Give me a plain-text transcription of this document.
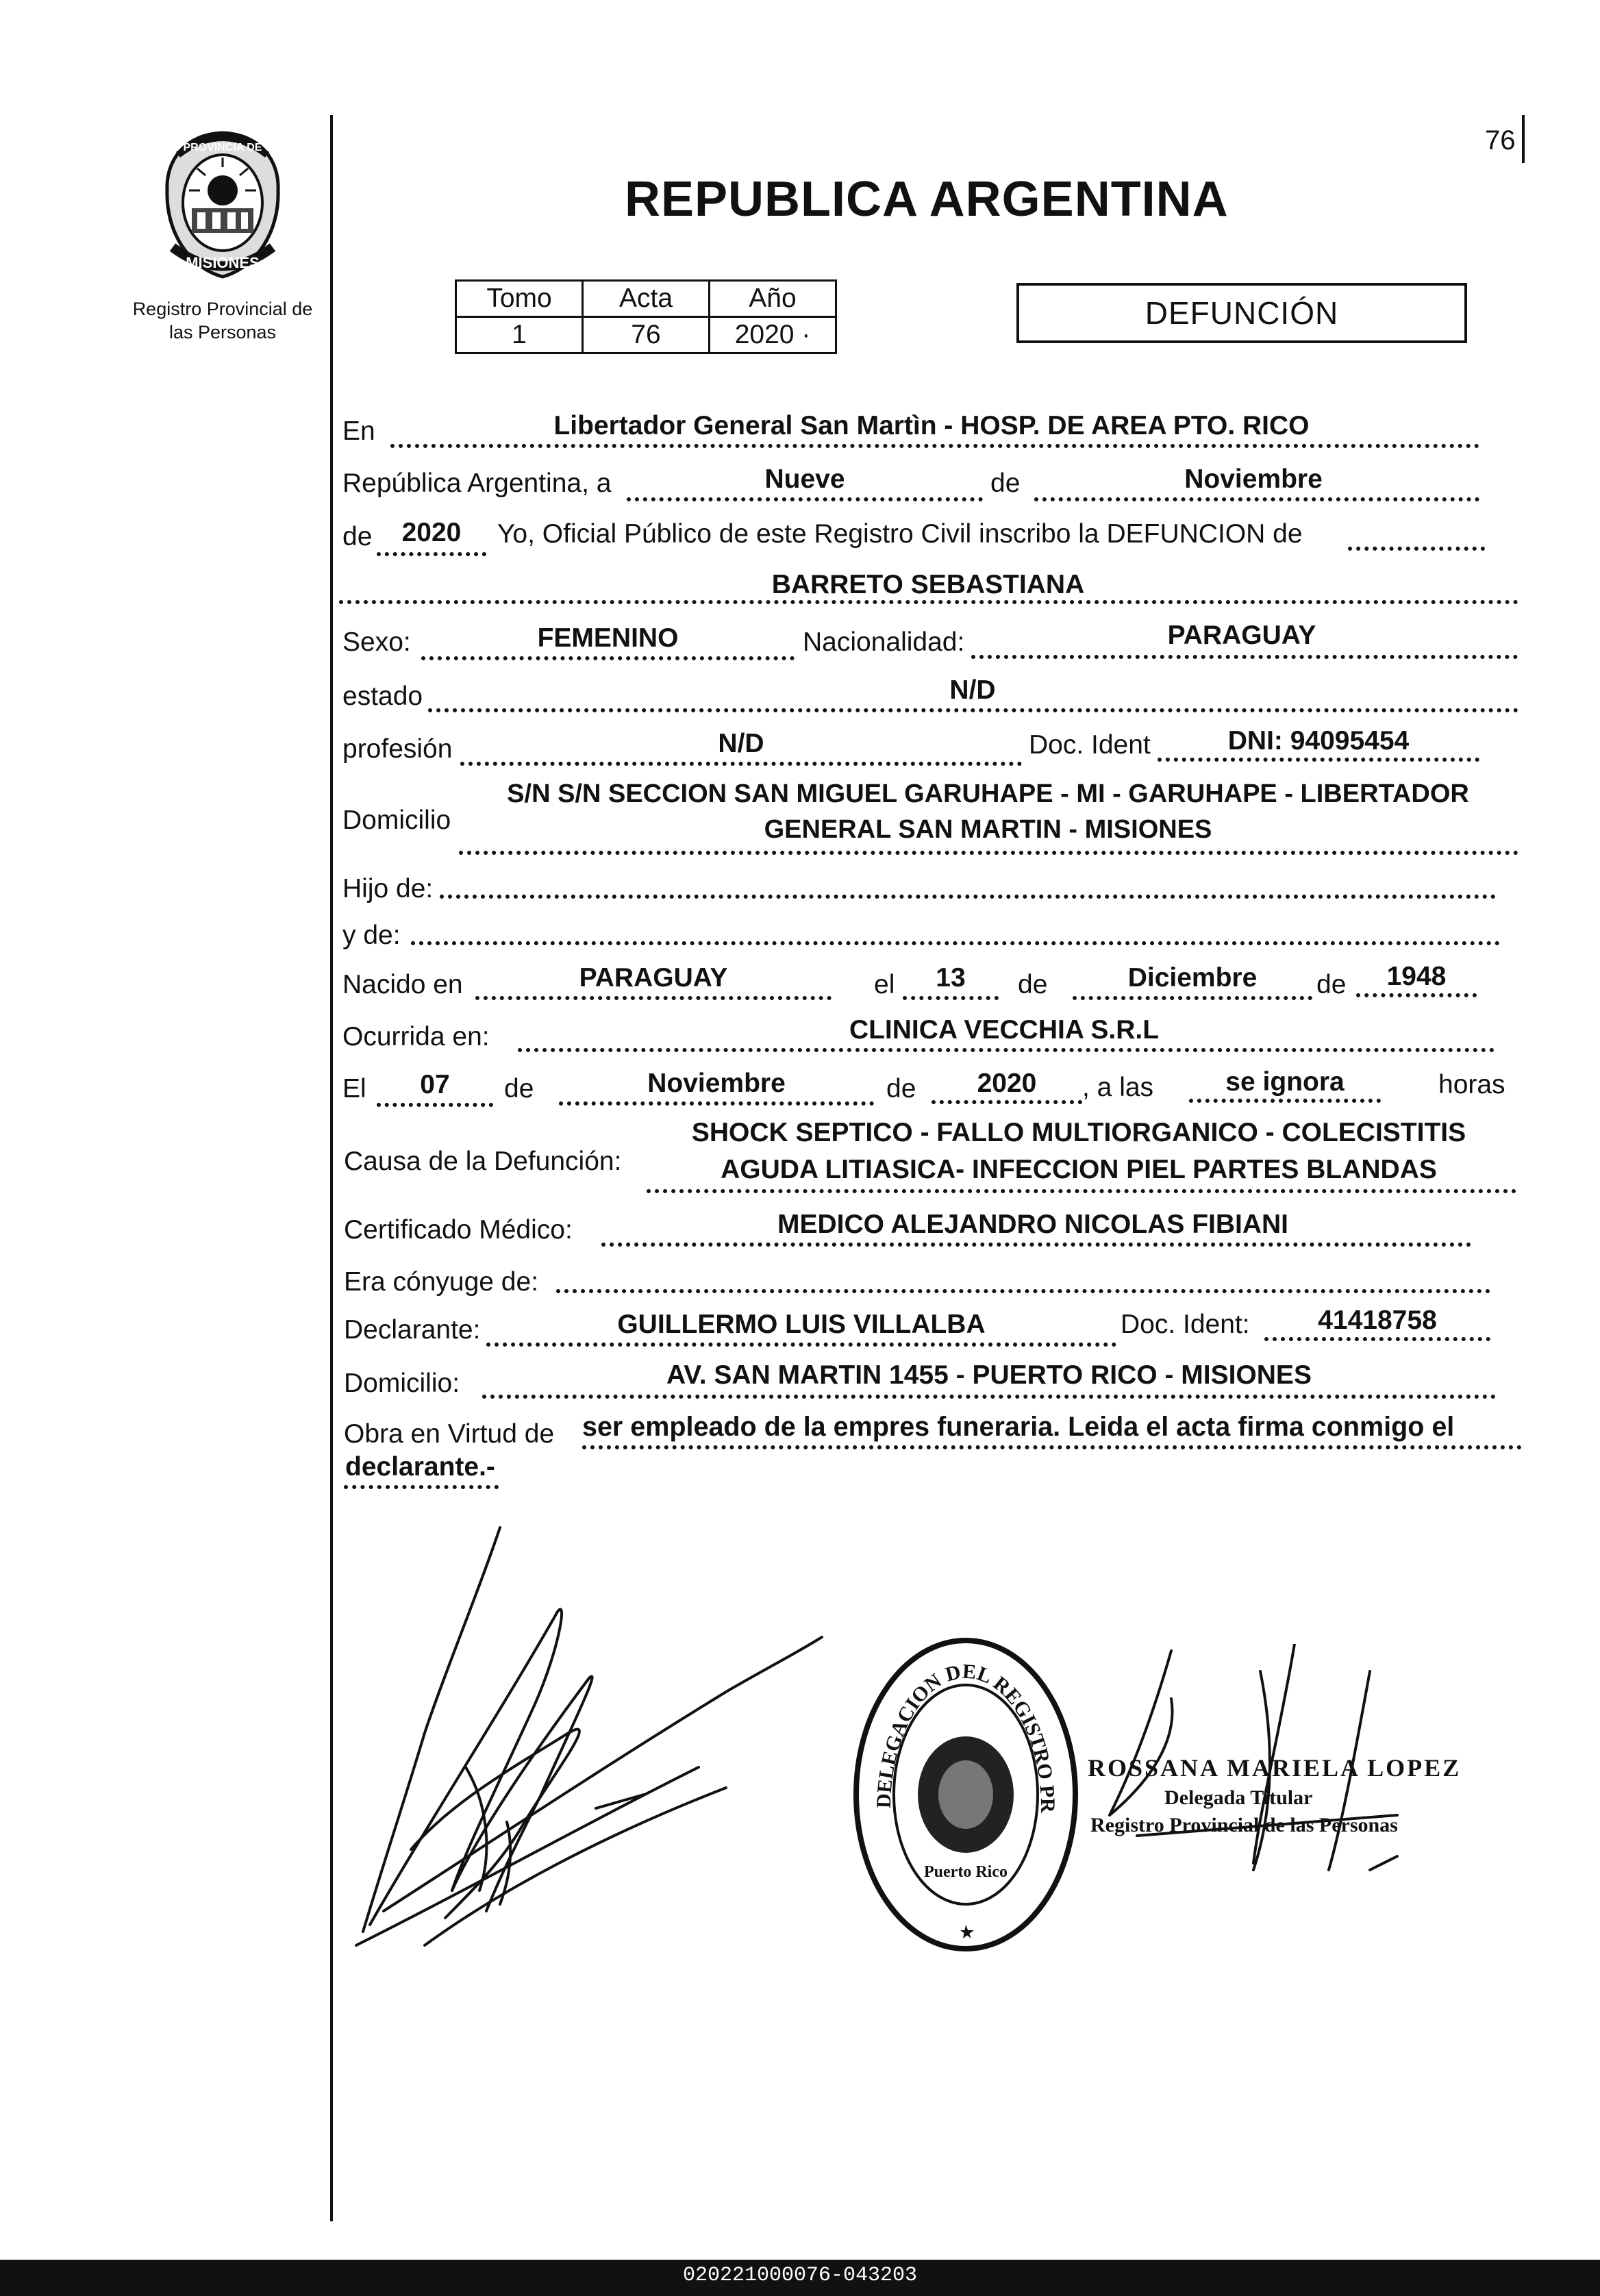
76
PROVINCIA DE
MISIONES
Registro Provincial de
las Personas
REPUBLICA ARGENTINA
Tomo	Acta	Año
1	76	2020 ·
DEFUNCIÓN
En	Libertador General San Martìn - HOSP. DE AREA PTO. RICO
República Argentina, a	Nueve	de	Noviembre
de	2020	Yo, Oficial Público de este Registro Civil inscribo la DEFUNCION de
BARRETO SEBASTIANA
Sexo:	FEMENINO	Nacionalidad:	PARAGUAY
estado	N/D
profesión	N/D	Doc. Ident	DNI: 94095454
Domicilio
S/N S/N SECCION SAN MIGUEL GARUHAPE - MI - GARUHAPE - LIBERTADOR
GENERAL SAN MARTIN - MISIONES
Hijo de:
y de:
Nacido en	PARAGUAY	el	13	de	Diciembre	de	1948
Ocurrida en:	CLINICA VECCHIA S.R.L
El	07	de	Noviembre	de	2020	, a las	se ignora	horas
Causa de la Defunción:
SHOCK SEPTICO - FALLO MULTIORGANICO - COLECISTITIS
AGUDA LITIASICA- INFECCION PIEL PARTES BLANDAS
Certificado Médico:	MEDICO ALEJANDRO NICOLAS FIBIANI
Era cónyuge de:
Declarante:	GUILLERMO LUIS VILLALBA	Doc. Ident:	41418758
Domicilio:	AV. SAN MARTIN 1455 - PUERTO RICO - MISIONES
Obra en Virtud de ser empleado de la empres funeraria. Leida el acta firma conmigo el
declarante.-
DELEGACION DEL REGISTRO PR
Puerto Rico
ROSSANA MARIELA LOPEZ
Delegada Titular
Registro Provincial de las Personas
020221000076-043203
